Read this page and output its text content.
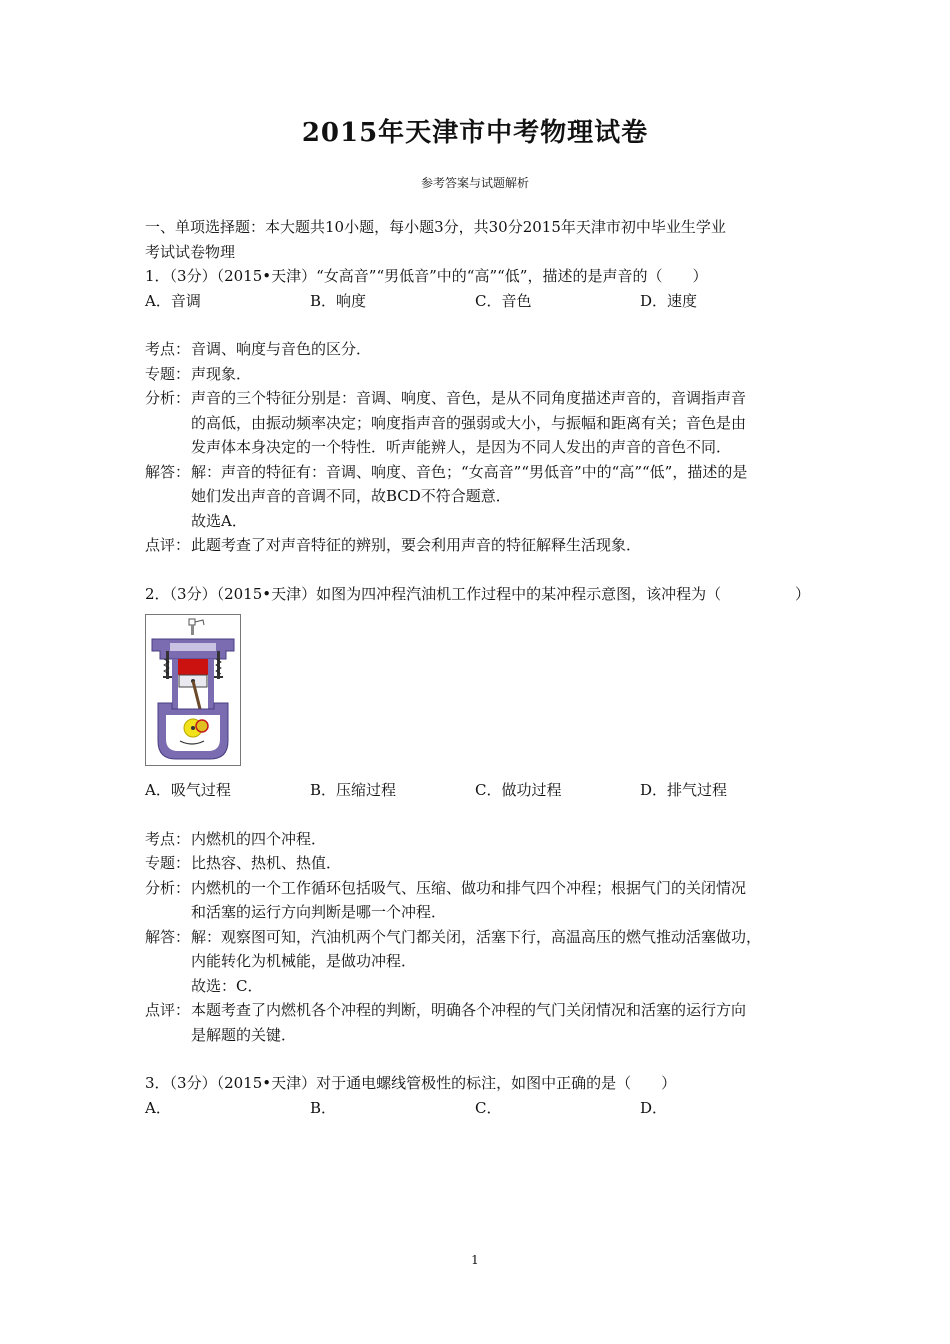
2015年天津市中考物理试卷
参考答案与试题解析

一、单项选择题：本大题共10小题，每小题3分，共30分2015年天津市初中毕业生学业

考试试卷物理

1．（3分）（2015•天津）“女高音”“男低音”中的“高”“低”，描述的是声音的（　　）

A．音调	B．响度	C．音色	D．速度
考点： 音调、响度与音色的区分．
专题： 声现象．
分析： 声音的三个特征分别是：音调、响度、音色，是从不同角度描述声音的，音调指声音

的高低，由振动频率决定；响度指声音的强弱或大小，与振幅和距离有关；音色是由

发声体本身决定的一个特性．听声能辨人，是因为不同人发出的声音的音色不同．

解答： 解：声音的特征有：音调、响度、音色；“女高音”“男低音”中的“高”“低”，描述的是

她们发出声音的音调不同，故BCD不符合题意．

故选A．

点评： 此题考查了对声音特征的辨别，要会利用声音的特征解释生活现象．
2．（3分）（2015•天津）如图为四冲程汽油机工作过程中的某冲程示意图，该冲程为（	）
A．吸气过程	B．压缩过程	C．做功过程	D．排气过程
考点： 内燃机的四个冲程．
专题： 比热容、热机、热值．
分析： 内燃机的一个工作循环包括吸气、压缩、做功和排气四个冲程；根据气门的关闭情况

和活塞的运行方向判断是哪一个冲程．

解答： 解：观察图可知，汽油机两个气门都关闭，活塞下行，高温高压的燃气推动活塞做功，

内能转化为机械能，是做功冲程．

故选：C．

点评： 本题考查了内燃机各个冲程的判断，明确各个冲程的气门关闭情况和活塞的运行方向

是解题的关键．

3．（3分）（2015•天津）对于通电螺线管极性的标注，如图中正确的是（　　）

A．	B．	C．	D．
1
